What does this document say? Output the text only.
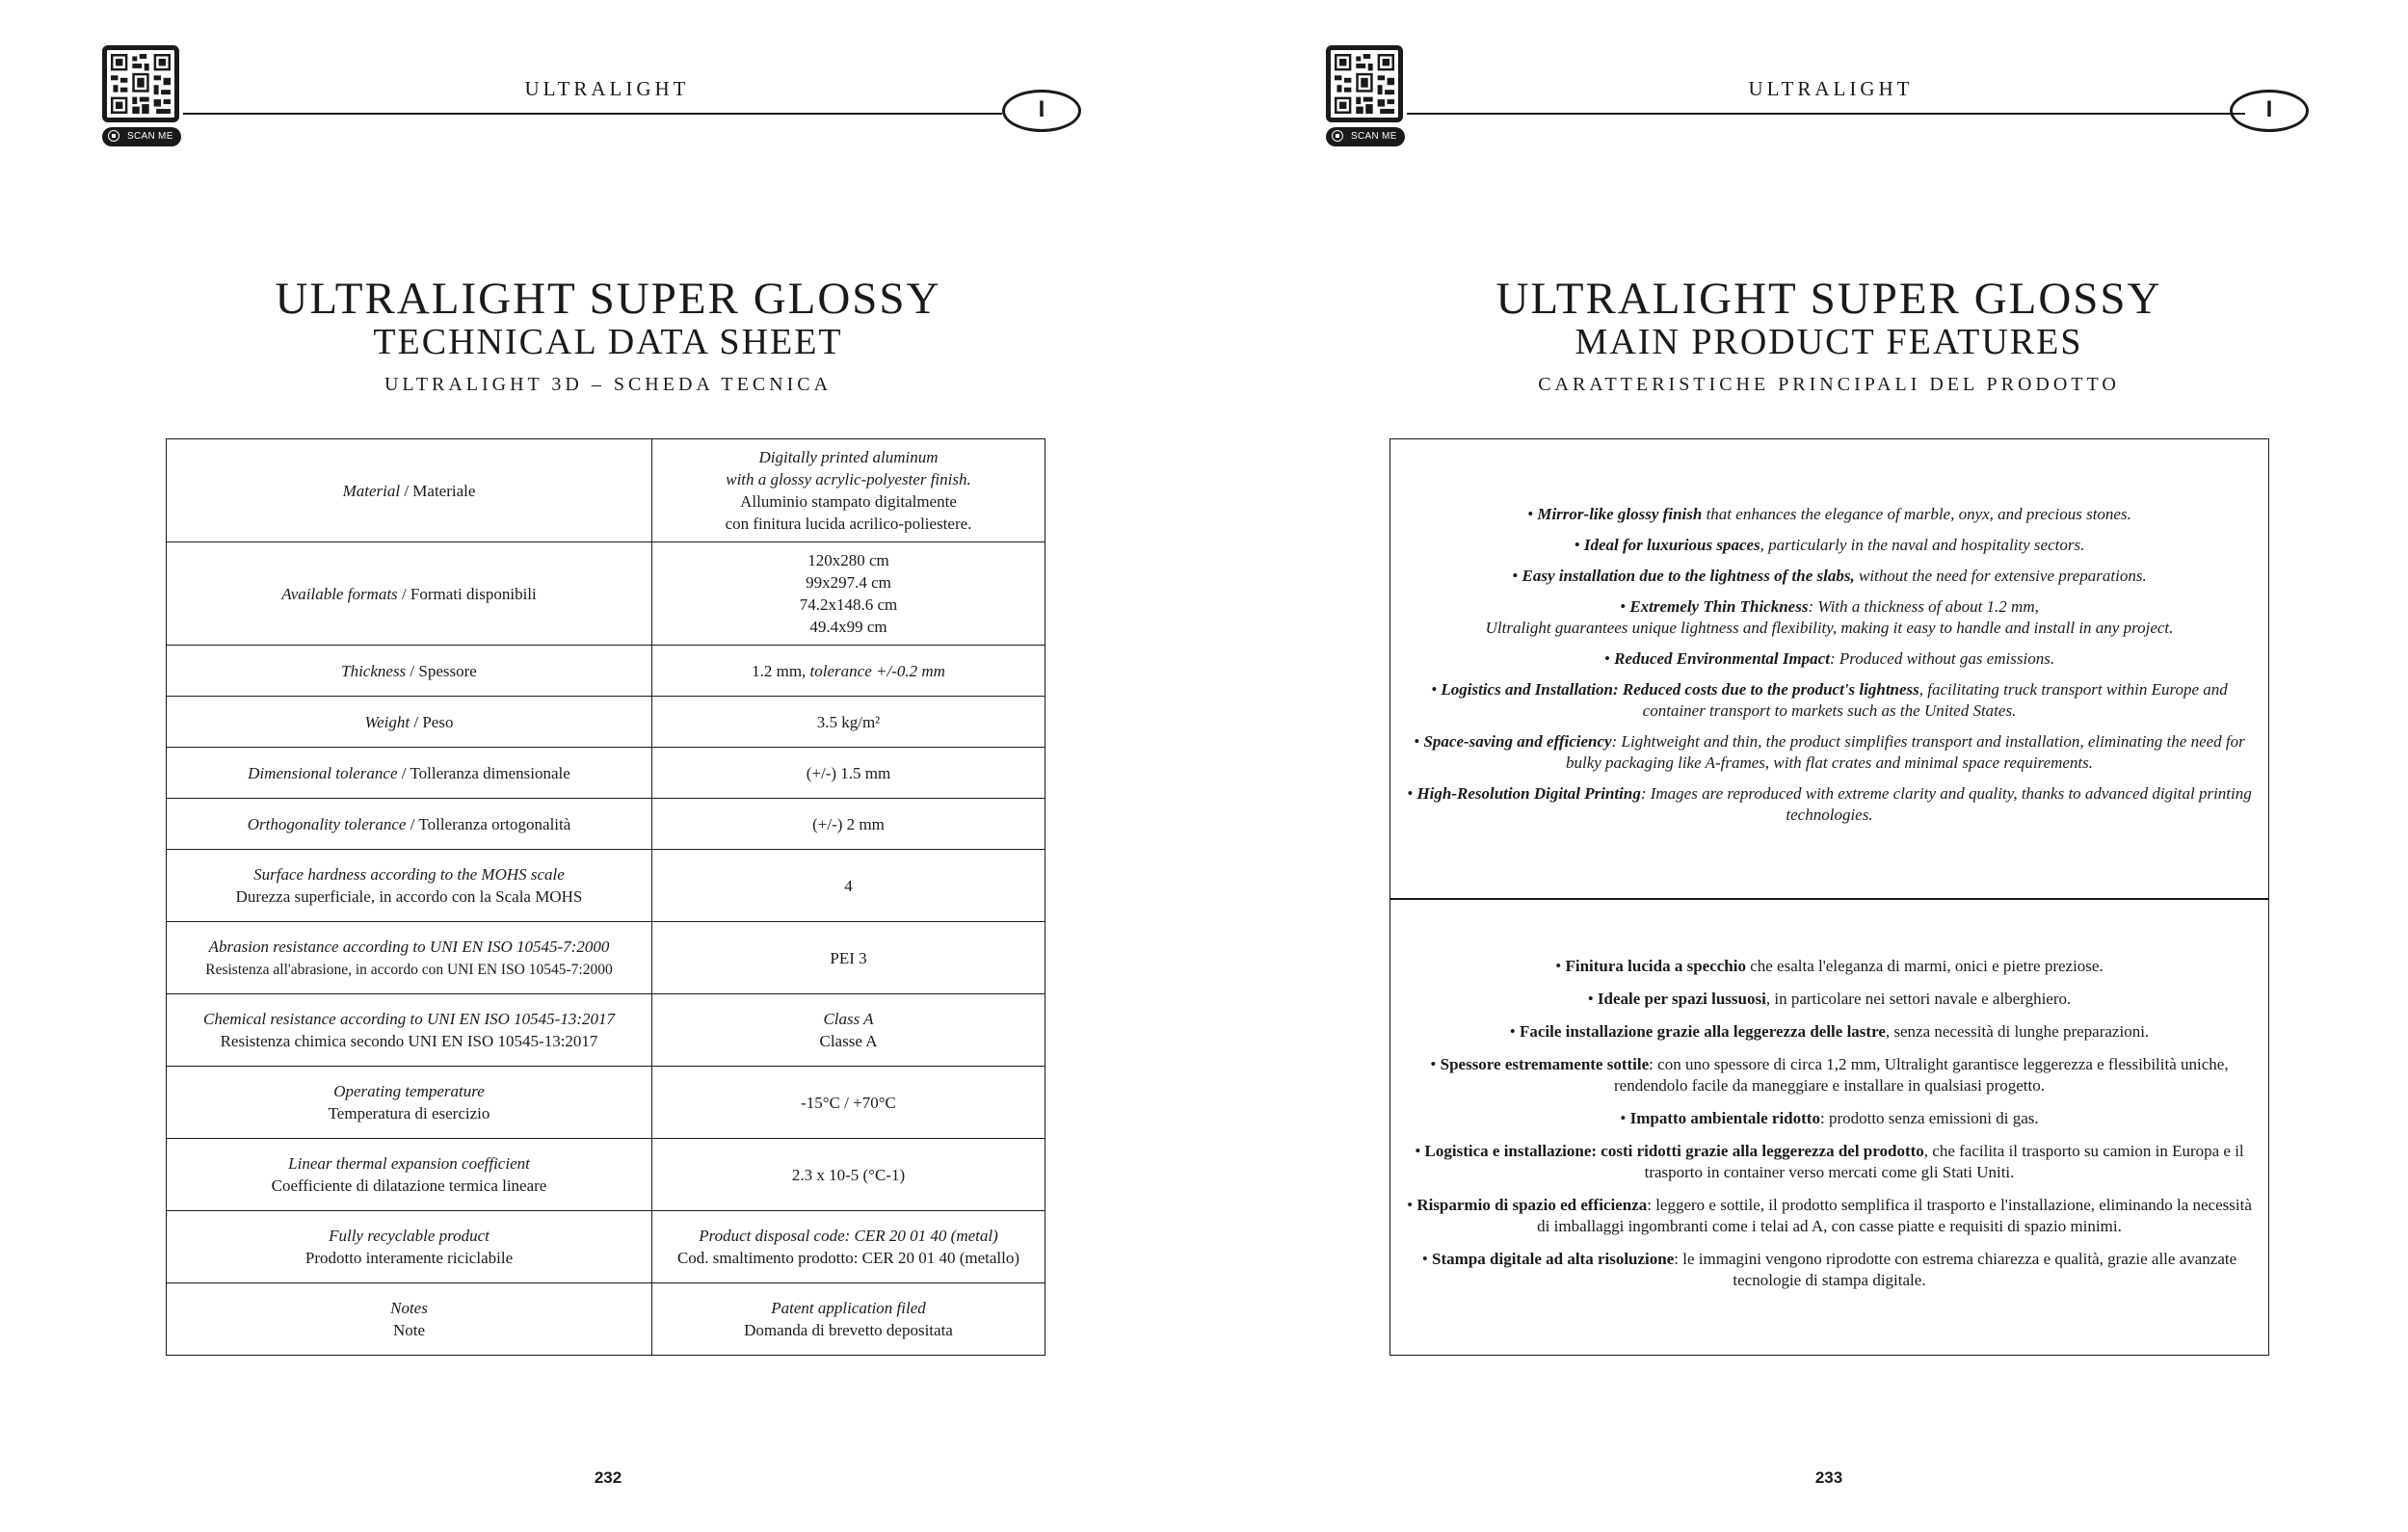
SCAN ME
ULTRALIGHT
I
ULTRALIGHT SUPER GLOSSY
TECHNICAL DATA SHEET
ULTRALIGHT 3D – SCHEDA TECNICA
Material / Materiale	Digitally printed aluminum
with a glossy acrylic-polyester finish.
Alluminio stampato digitalmente
con finitura lucida acrilico-poliestere.
Available formats / Formati disponibili	120x280 cm
99x297.4 cm
74.2x148.6 cm
49.4x99 cm
Thickness / Spessore	1.2 mm, tolerance +/-0.2 mm
Weight / Peso	3.5 kg/m²
Dimensional tolerance / Tolleranza dimensionale	(+/-) 1.5 mm
Orthogonality tolerance / Tolleranza ortogonalità	(+/-) 2 mm
Surface hardness according to the MOHS scale
Durezza superficiale, in accordo con la Scala MOHS	4
Abrasion resistance according to UNI EN ISO 10545-7:2000
Resistenza all'abrasione, in accordo con UNI EN ISO 10545-7:2000	PEI 3
Chemical resistance according to UNI EN ISO 10545-13:2017
Resistenza chimica secondo UNI EN ISO 10545-13:2017	Class A
Classe A
Operating temperature
Temperatura di esercizio	-15°C / +70°C
Linear thermal expansion coefficient
Coefficiente di dilatazione termica lineare	2.3 x 10-5 (°C-1)
Fully recyclable product
Prodotto interamente riciclabile	Product disposal code: CER 20 01 40 (metal)
Cod. smaltimento prodotto: CER 20 01 40 (metallo)
Notes
Note	Patent application filed
Domanda di brevetto depositata
232
SCAN ME
ULTRALIGHT
I
ULTRALIGHT SUPER GLOSSY
MAIN PRODUCT FEATURES
CARATTERISTICHE PRINCIPALI DEL PRODOTTO
• Mirror-like glossy finish that enhances the elegance of marble, onyx, and precious stones.
• Ideal for luxurious spaces, particularly in the naval and hospitality sectors.
• Easy installation due to the lightness of the slabs, without the need for extensive preparations.
• Extremely Thin Thickness: With a thickness of about 1.2 mm,
Ultralight guarantees unique lightness and flexibility, making it easy to handle and install in any project.
• Reduced Environmental Impact: Produced without gas emissions.
• Logistics and Installation: Reduced costs due to the product's lightness, facilitating truck transport within Europe and container transport to markets such as the United States.
• Space-saving and efficiency: Lightweight and thin, the product simplifies transport and installation, eliminating the need for bulky packaging like A-frames, with flat crates and minimal space requirements.
• High-Resolution Digital Printing: Images are reproduced with extreme clarity and quality, thanks to advanced digital printing technologies.
• Finitura lucida a specchio che esalta l'eleganza di marmi, onici e pietre preziose.
• Ideale per spazi lussuosi, in particolare nei settori navale e alberghiero.
• Facile installazione grazie alla leggerezza delle lastre, senza necessità di lunghe preparazioni.
• Spessore estremamente sottile: con uno spessore di circa 1,2 mm, Ultralight garantisce leggerezza e flessibilità uniche, rendendolo facile da maneggiare e installare in qualsiasi progetto.
• Impatto ambientale ridotto: prodotto senza emissioni di gas.
• Logistica e installazione: costi ridotti grazie alla leggerezza del prodotto, che facilita il trasporto su camion in Europa e il trasporto in container verso mercati come gli Stati Uniti.
• Risparmio di spazio ed efficienza: leggero e sottile, il prodotto semplifica il trasporto e l'installazione, eliminando la necessità di imballaggi ingombranti come i telai ad A, con casse piatte e requisiti di spazio minimi.
• Stampa digitale ad alta risoluzione: le immagini vengono riprodotte con estrema chiarezza e qualità, grazie alle avanzate tecnologie di stampa digitale.
233
